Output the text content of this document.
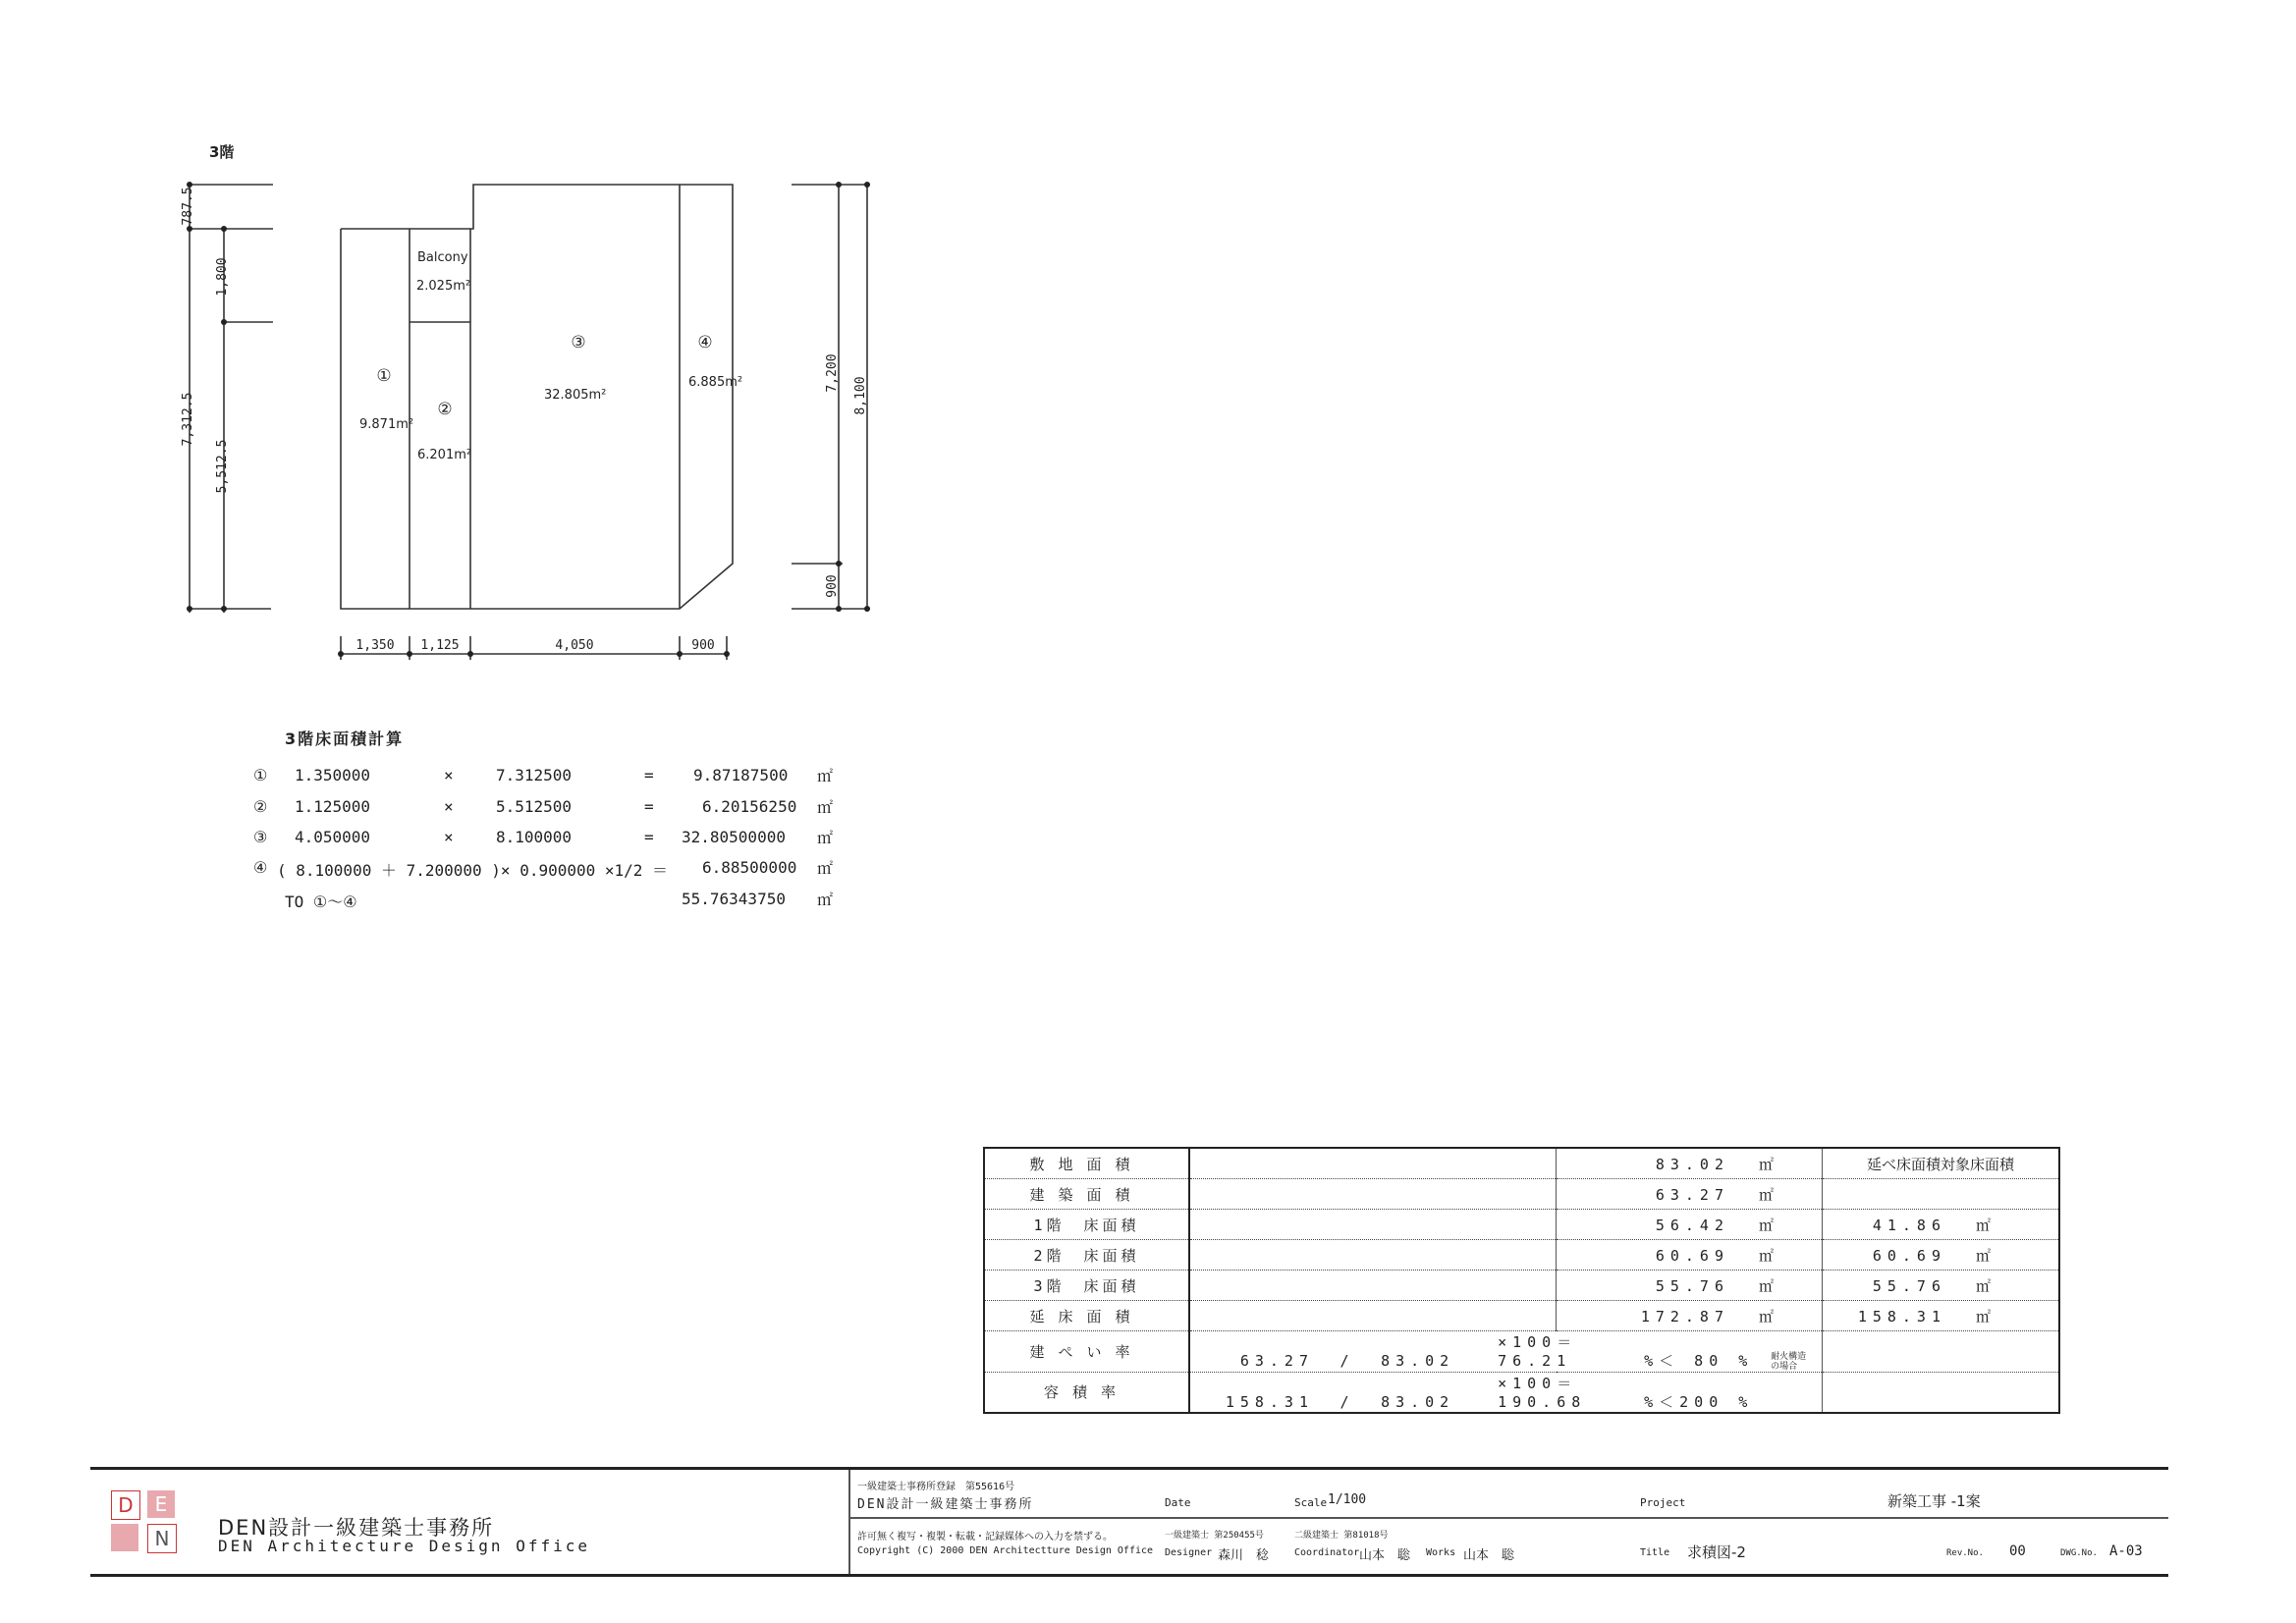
787.5
1,800
7,312.5
5,512.5
7,200
8,100
900
1,350 1,125	4,050	900
3階
Balcony
2.025m²
①
9.871m²
②
6.201m²
③
32.805m²
④
6.885m²
3階床面積計算
① 1.350000	×	7.312500	=	9.87187500 ㎡
② 1.125000	×	5.512500	=	6.20156250 ㎡
③ 4.050000	×	8.100000	= 32.80500000 ㎡
④ ( 8.100000 ＋ 7.200000 )× 0.900000 ×1/2 ＝ 6.88500000 ㎡
TO ①～④	55.76343750 ㎡
敷地面積		83.02 ㎡	延べ床面積対象床面積
建築面積		63.27 ㎡	
1階　床面積		56.42 ㎡	41.86 ㎡
2階　床面積		60.69 ㎡	60.69 ㎡
3階　床面積		55.76 ㎡	55.76 ㎡
延床面積		172.87 ㎡	158.31 ㎡
建ぺい率	63.27 / 83.02 ×100＝ 76.21 %＜ 80 % 耐火構造の場合		
容積率	158.31 / 83.02 ×100＝ 190.68 %＜200 %		
D	E
N	DEN設計一級建築士事務所
DEN Architecture Design Office
一級建築士事務所登録　第55616号
DEN設計一級建築士事務所
許可無く複写・複製・転載・記録媒体への入力を禁ずる。
Copyright (C) 2000 DEN Architectture Design Office
Date	Scale 1/100	Project	新築工事 -1案
一級建築士 第250455号
Designer 森川　稔
二級建築士 第81018号
Coordinator 山本　聡 Works 山本　聡	Title 求積図-2	Rev.No. 00	DWG.No. A-03
